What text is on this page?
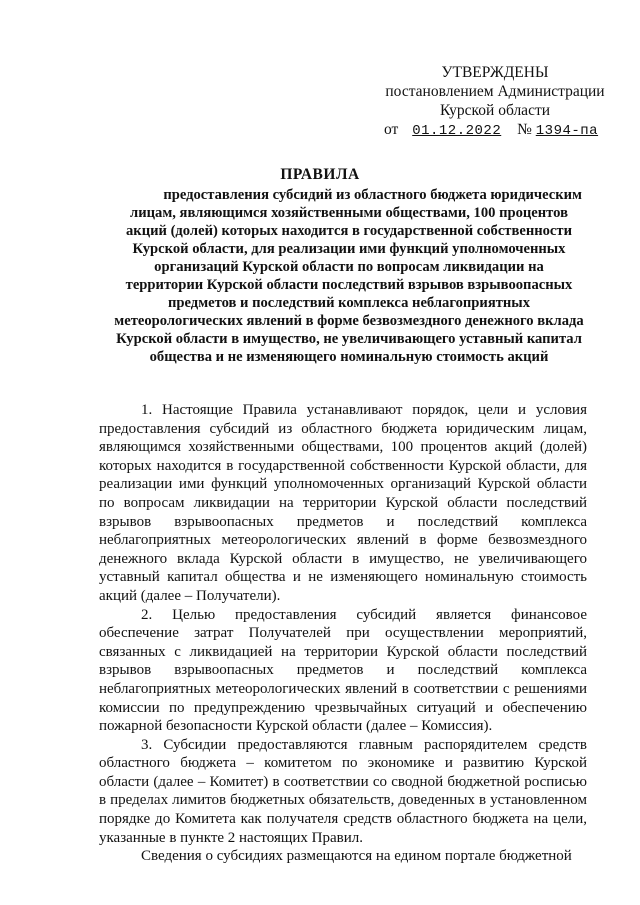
УТВЕРЖДЕНЫ
постановлением Администрации
Курской области
от 01.12.2022 № 1394-па
ПРАВИЛА
предоставления субсидий из областного бюджета юридическим
лицам, являющимся хозяйственными обществами, 100 процентов
акций (долей) которых находится в государственной собственности
Курской области, для реализации ими функций уполномоченных
организаций Курской области по вопросам ликвидации на
территории Курской области последствий взрывов взрывоопасных
предметов и последствий комплекса неблагоприятных
метеорологических явлений в форме безвозмездного денежного вклада
Курской области в имущество, не увеличивающего уставный капитал
общества и не изменяющего номинальную стоимость акций

1. Настоящие Правила устанавливают порядок, цели и условия предоставления субсидий из областного бюджета юридическим лицам, являющимся хозяйственными обществами, 100 процентов акций (долей) которых находится в государственной собственности Курской области, для реализации ими функций уполномоченных организаций Курской области по вопросам ликвидации на территории Курской области последствий взрывов взрывоопасных предметов и последствий комплекса неблагоприятных метеорологических явлений в форме безвозмездного денежного вклада Курской области в имущество, не увеличивающего уставный капитал общества и не изменяющего номинальную стоимость акций (далее – Получатели).

2. Целью предоставления субсидий является финансовое обеспечение затрат Получателей при осуществлении мероприятий, связанных с ликвидацией на территории Курской области последствий взрывов взрывоопасных предметов и последствий комплекса неблагоприятных метеорологических явлений в соответствии с решениями комиссии по предупреждению чрезвычайных ситуаций и обеспечению пожарной безопасности Курской области (далее – Комиссия).

3. Субсидии предоставляются главным распорядителем средств областного бюджета – комитетом по экономике и развитию Курской области (далее – Комитет) в соответствии со сводной бюджетной росписью в пределах лимитов бюджетных обязательств, доведенных в установленном порядке до Комитета как получателя средств областного бюджета на цели, указанные в пункте 2 настоящих Правил.

Сведения о субсидиях размещаются на едином портале бюджетной
